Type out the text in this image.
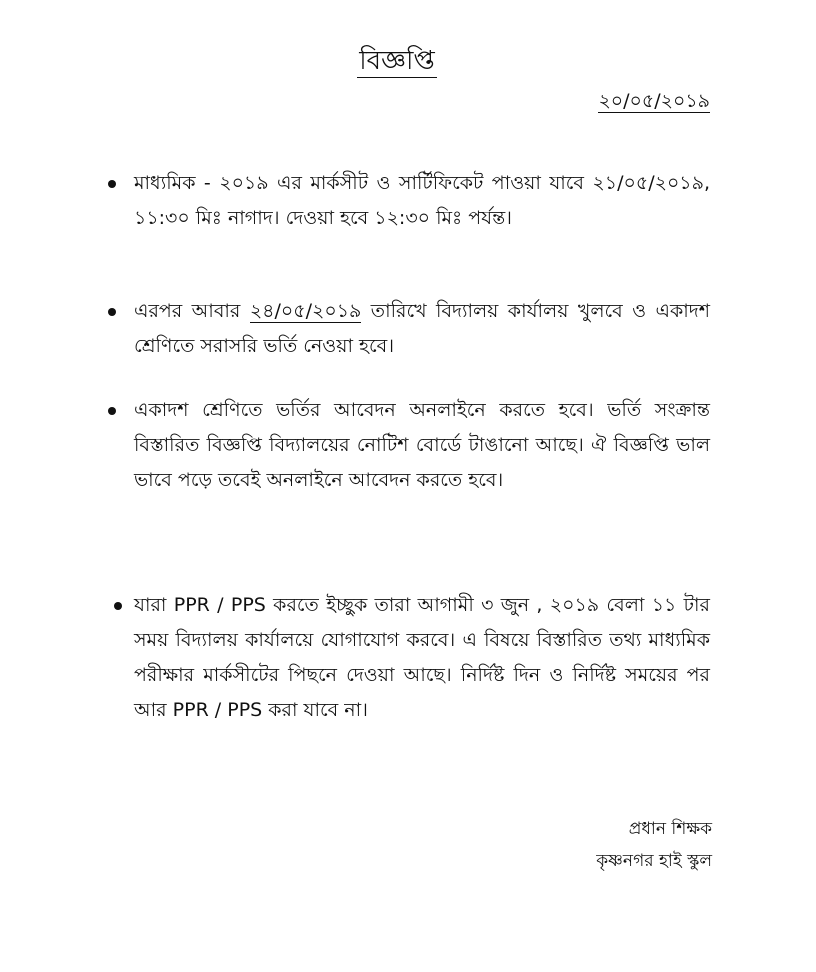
বিজ্ঞপ্তি
২০/০৫/২০১৯
মাধ্যমিক - ২০১৯ এর মার্কসীট ও সার্টিফিকেট পাওয়া যাবে ২১/০৫/২০১৯, ১১:৩০ মিঃ নাগাদ। দেওয়া হবে ১২:৩০ মিঃ পর্যন্ত।
এরপর আবার ২৪/০৫/২০১৯ তারিখে বিদ্যালয় কার্যালয় খুলবে ও একাদশ শ্রেণিতে সরাসরি ভর্তি নেওয়া হবে।
একাদশ শ্রেণিতে ভর্তির আবেদন অনলাইনে করতে হবে। ভর্তি সংক্রান্ত বিস্তারিত বিজ্ঞপ্তি বিদ্যালয়ের নোটিশ বোর্ডে টাঙানো আছে। ঐ বিজ্ঞপ্তি ভাল ভাবে পড়ে তবেই অনলাইনে আবেদন করতে হবে।
যারা PPR / PPS করতে ইচ্ছুক তারা আগামী ৩ জুন , ২০১৯ বেলা ১১ টার সময় বিদ্যালয় কার্যালয়ে যোগাযোগ করবে। এ বিষয়ে বিস্তারিত তথ্য মাধ্যমিক পরীক্ষার মার্কসীটের পিছনে দেওয়া আছে। নির্দিষ্ট দিন ও নির্দিষ্ট সময়ের পর আর PPR / PPS করা যাবে না।
প্রধান শিক্ষক
কৃষ্ণনগর হাই স্কুল
